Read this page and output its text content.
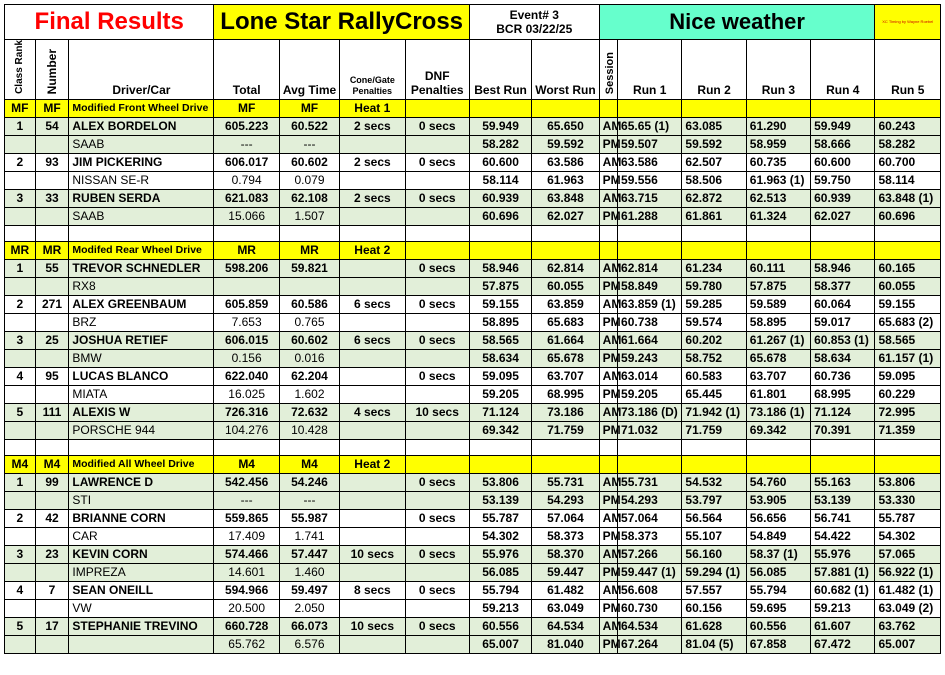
Final Results			Lone Star RallyCross				Event# 3
BCR 03/22/25		Nice weather					XC Timing by Wayne Roebel
Class Rank	Number	Driver/Car	Total	Avg Time	Cone/Gate Penalties	DNF Penalties	Best Run	Worst Run	Session	Run 1	Run 2	Run 3	Run 4	Run 5
MF	MF	Modified Front Wheel Drive	MF	MF	Heat 1									
1	54	ALEX BORDELON	605.223	60.522	2 secs	0 secs	59.949	65.650	AM	65.65 (1)	63.085	61.290	59.949	60.243
		SAAB	---	---			58.282	59.592	PM	59.507	59.592	58.959	58.666	58.282
2	93	JIM PICKERING	606.017	60.602	2 secs	0 secs	60.600	63.586	AM	63.586	62.507	60.735	60.600	60.700
		NISSAN SE-R	0.794	0.079			58.114	61.963	PM	59.556	58.506	61.963 (1)	59.750	58.114
3	33	RUBEN SERDA	621.083	62.108	2 secs	0 secs	60.939	63.848	AM	63.715	62.872	62.513	60.939	63.848 (1)
		SAAB	15.066	1.507			60.696	62.027	PM	61.288	61.861	61.324	62.027	60.696

MR	MR	Modifed Rear Wheel Drive	MR	MR	Heat 2									
1	55	TREVOR SCHNEDLER	598.206	59.821		0 secs	58.946	62.814	AM	62.814	61.234	60.111	58.946	60.165
		RX8					57.875	60.055	PM	58.849	59.780	57.875	58.377	60.055
2	271	ALEX GREENBAUM	605.859	60.586	6 secs	0 secs	59.155	63.859	AM	63.859 (1)	59.285	59.589	60.064	59.155
		BRZ	7.653	0.765			58.895	65.683	PM	60.738	59.574	58.895	59.017	65.683 (2)
3	25	JOSHUA RETIEF	606.015	60.602	6 secs	0 secs	58.565	61.664	AM	61.664	60.202	61.267 (1)	60.853 (1)	58.565
		BMW	0.156	0.016			58.634	65.678	PM	59.243	58.752	65.678	58.634	61.157 (1)
4	95	LUCAS BLANCO	622.040	62.204		0 secs	59.095	63.707	AM	63.014	60.583	63.707	60.736	59.095
		MIATA	16.025	1.602			59.205	68.995	PM	59.205	65.445	61.801	68.995	60.229
5	111	ALEXIS W	726.316	72.632	4 secs	10 secs	71.124	73.186	AM	73.186 (D)	71.942 (1)	73.186 (1)	71.124	72.995
		PORSCHE 944	104.276	10.428			69.342	71.759	PM	71.032	71.759	69.342	70.391	71.359

M4	M4	Modified All Wheel Drive	M4	M4	Heat 2									
1	99	LAWRENCE D	542.456	54.246		0 secs	53.806	55.731	AM	55.731	54.532	54.760	55.163	53.806
		STI	---	---			53.139	54.293	PM	54.293	53.797	53.905	53.139	53.330
2	42	BRIANNE CORN	559.865	55.987		0 secs	55.787	57.064	AM	57.064	56.564	56.656	56.741	55.787
		CAR	17.409	1.741			54.302	58.373	PM	58.373	55.107	54.849	54.422	54.302
3	23	KEVIN CORN	574.466	57.447	10 secs	0 secs	55.976	58.370	AM	57.266	56.160	58.37 (1)	55.976	57.065
		IMPREZA	14.601	1.460			56.085	59.447	PM	59.447 (1)	59.294 (1)	56.085	57.881 (1)	56.922 (1)
4	7	SEAN ONEILL	594.966	59.497	8 secs	0 secs	55.794	61.482	AM	56.608	57.557	55.794	60.682 (1)	61.482 (1)
		VW	20.500	2.050			59.213	63.049	PM	60.730	60.156	59.695	59.213	63.049 (2)
5	17	STEPHANIE TREVINO	660.728	66.073	10 secs	0 secs	60.556	64.534	AM	64.534	61.628	60.556	61.607	63.762
			65.762	6.576			65.007	81.040	PM	67.264	81.04 (5)	67.858	67.472	65.007
